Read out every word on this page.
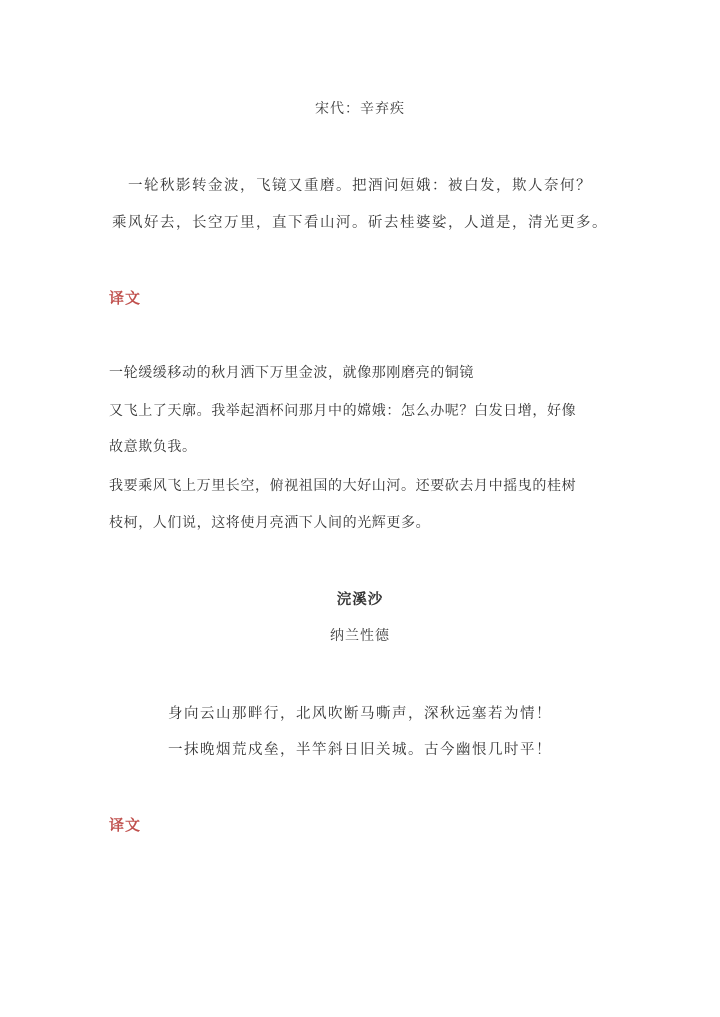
宋代：辛弃疾
一轮秋影转金波，飞镜又重磨。把酒问姮娥：被白发，欺人奈何？
乘风好去，长空万里，直下看山河。斫去桂婆娑，人道是，清光更多。
译文
一轮缓缓移动的秋月洒下万里金波，就像那刚磨亮的铜镜
又飞上了天廓。我举起酒杯问那月中的嫦娥：怎么办呢？白发日增，好像
故意欺负我。
我要乘风飞上万里长空，俯视祖国的大好山河。还要砍去月中摇曳的桂树
枝柯，人们说，这将使月亮洒下人间的光辉更多。
浣溪沙
纳兰性德
身向云山那畔行，北风吹断马嘶声，深秋远塞若为情！
一抹晚烟荒戍垒，半竿斜日旧关城。古今幽恨几时平！
译文
